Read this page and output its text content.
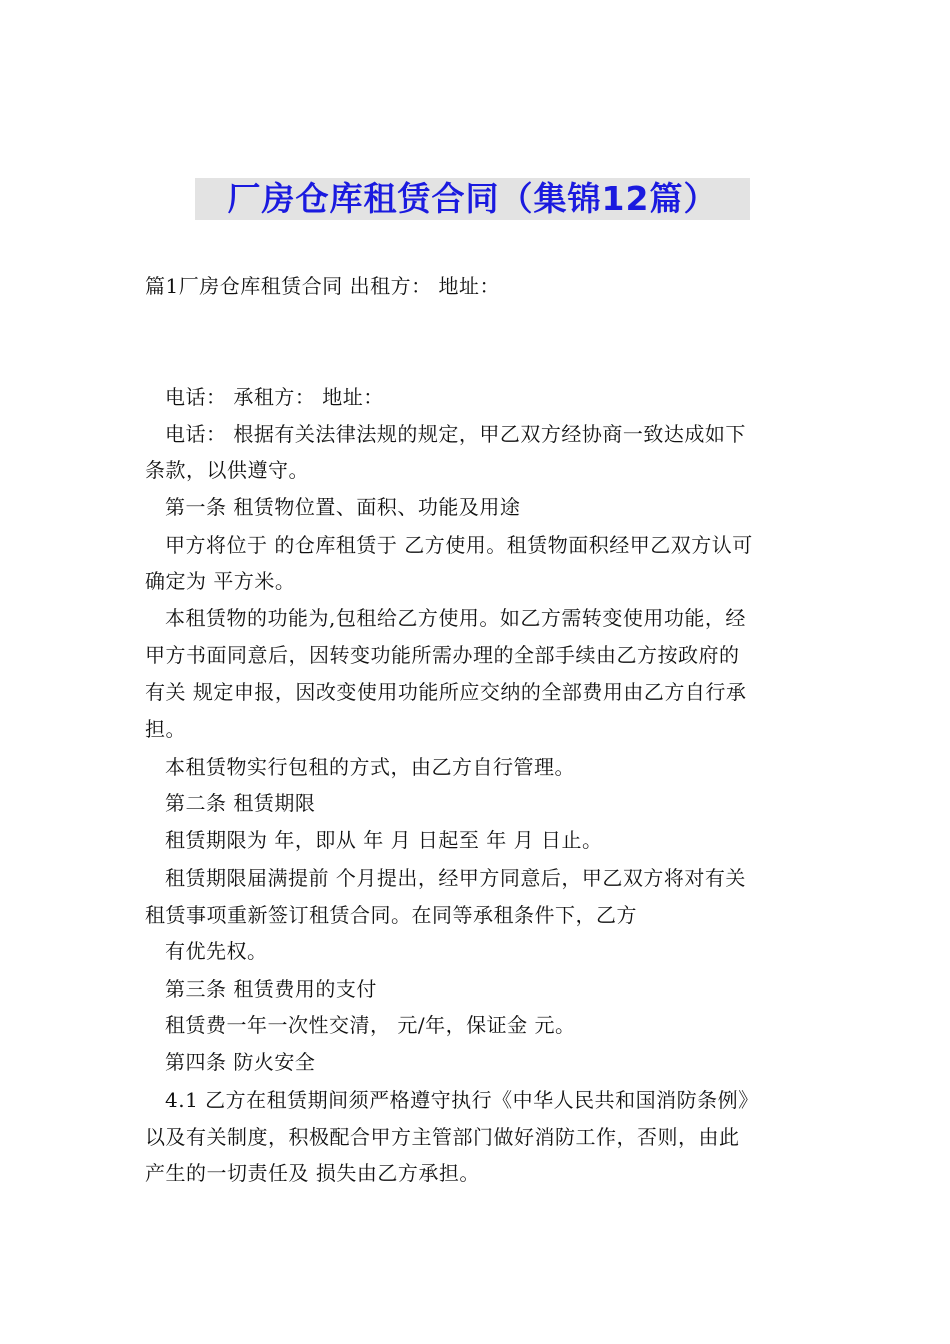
厂房仓库租赁合同（集锦12篇）
篇1厂房仓库租赁合同 出租方： 地址：
电话： 承租方： 地址：
电话： 根据有关法律法规的规定，甲乙双方经协商一致达成如下
条款，以供遵守。
第一条 租赁物位置、面积、功能及用途
甲方将位于 的仓库租赁于 乙方使用。租赁物面积经甲乙双方认可
确定为 平方米。
本租赁物的功能为,包租给乙方使用。如乙方需转变使用功能，经
甲方书面同意后，因转变功能所需办理的全部手续由乙方按政府的
有关 规定申报，因改变使用功能所应交纳的全部费用由乙方自行承
担。
本租赁物实行包租的方式，由乙方自行管理。
第二条 租赁期限
租赁期限为 年，即从 年 月 日起至 年 月 日止。
租赁期限届满提前 个月提出，经甲方同意后，甲乙双方将对有关
租赁事项重新签订租赁合同。在同等承租条件下，乙方
有优先权。
第三条 租赁费用的支付
租赁费一年一次性交清， 元/年，保证金 元。
第四条 防火安全
4.1 乙方在租赁期间须严格遵守执行《中华人民共和国消防条例》
以及有关制度，积极配合甲方主管部门做好消防工作，否则，由此
产生的一切责任及 损失由乙方承担。
